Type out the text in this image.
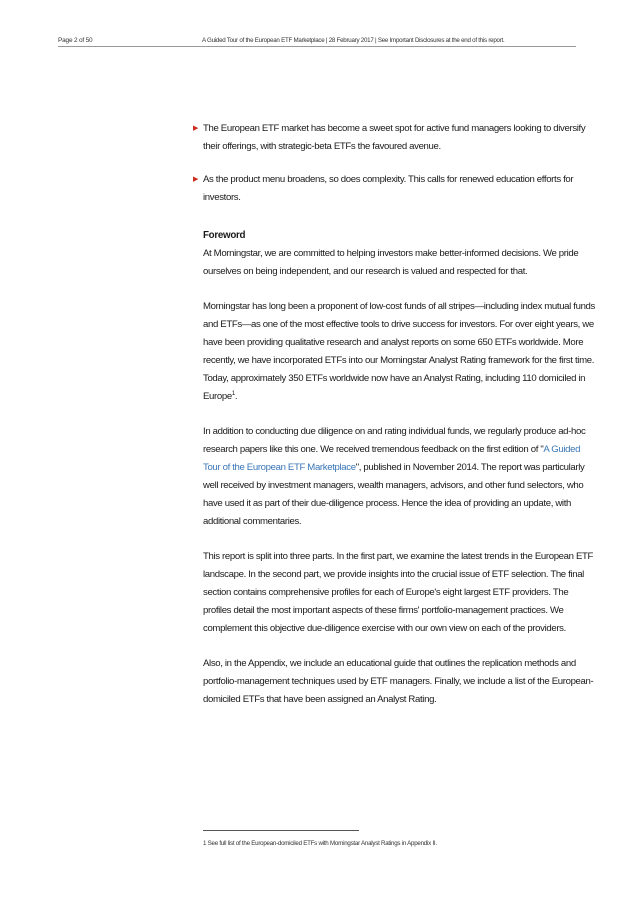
Page 2 of 50	A Guided Tour of the European ETF Marketplace | 28 February 2017 | See Important Disclosures at the end of this report.
▶ The European ETF market has become a sweet spot for active fund managers looking to diversify their offerings, with strategic-beta ETFs the favoured avenue.
▶ As the product menu broadens, so does complexity. This calls for renewed education efforts for investors.
Foreword

At Morningstar, we are committed to helping investors make better-informed decisions. We pride ourselves on being independent, and our research is valued and respected for that.

Morningstar has long been a proponent of low-cost funds of all stripes—including index mutual funds and ETFs—as one of the most effective tools to drive success for investors. For over eight years, we have been providing qualitative research and analyst reports on some 650 ETFs worldwide. More recently, we have incorporated ETFs into our Morningstar Analyst Rating framework for the first time. Today, approximately 350 ETFs worldwide now have an Analyst Rating, including 110 domiciled in Europe$^1$.

In addition to conducting due diligence on and rating individual funds, we regularly produce ad-hoc research papers like this one. We received tremendous feedback on the first edition of "A Guided Tour of the European ETF Marketplace", published in November 2014. The report was particularly well received by investment managers, wealth managers, advisors, and other fund selectors, who have used it as part of their due-diligence process. Hence the idea of providing an update, with additional commentaries.

This report is split into three parts. In the first part, we examine the latest trends in the European ETF landscape. In the second part, we provide insights into the crucial issue of ETF selection. The final section contains comprehensive profiles for each of Europe's eight largest ETF providers. The profiles detail the most important aspects of these firms' portfolio-management practices. We complement this objective due-diligence exercise with our own view on each of the providers.

Also, in the Appendix, we include an educational guide that outlines the replication methods and portfolio-management techniques used by ETF managers. Finally, we include a list of the European-domiciled ETFs that have been assigned an Analyst Rating.

1 See full list of the European-domiciled ETFs with Morningstar Analyst Ratings in Appendix II.
